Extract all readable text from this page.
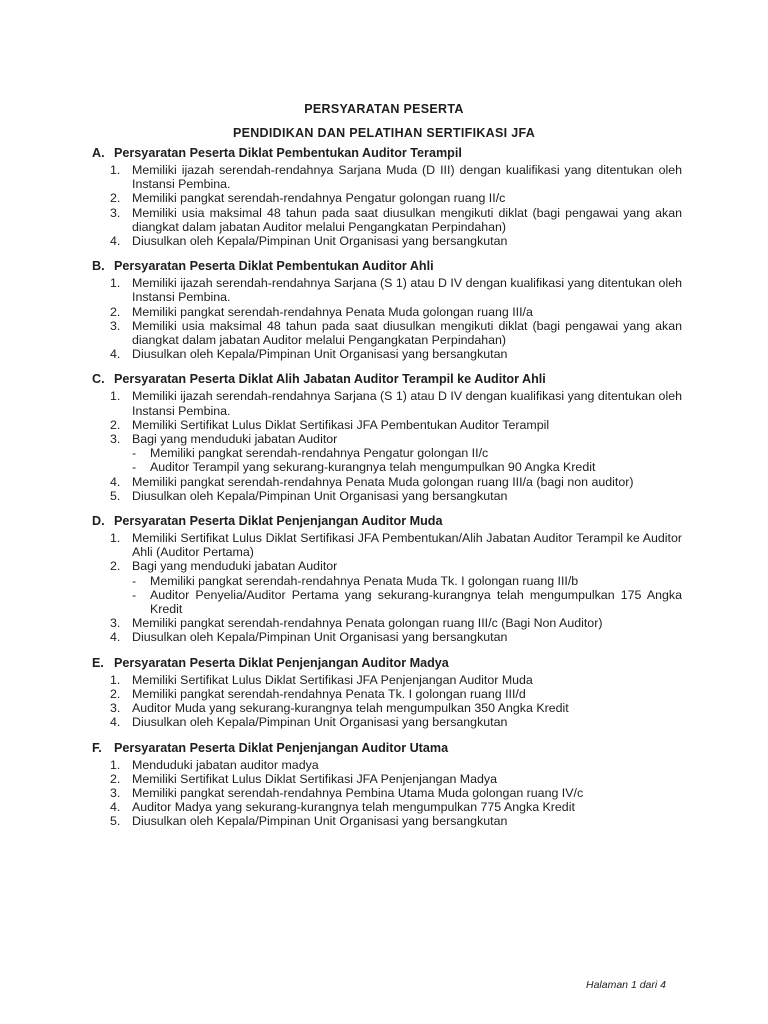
PERSYARATAN PESERTA
PENDIDIKAN DAN PELATIHAN SERTIFIKASI JFA
A. Persyaratan Peserta Diklat Pembentukan Auditor Terampil
1. Memiliki ijazah serendah-rendahnya Sarjana Muda (D III) dengan kualifikasi yang ditentukan oleh Instansi Pembina.
2. Memiliki pangkat serendah-rendahnya Pengatur golongan ruang II/c
3. Memiliki usia maksimal 48 tahun pada saat diusulkan mengikuti diklat (bagi pengawai yang akan diangkat dalam jabatan Auditor melalui Pengangkatan Perpindahan)
4. Diusulkan oleh Kepala/Pimpinan Unit Organisasi yang bersangkutan
B. Persyaratan Peserta Diklat Pembentukan Auditor Ahli
1. Memiliki ijazah serendah-rendahnya Sarjana (S 1) atau D IV dengan kualifikasi yang ditentukan oleh Instansi Pembina.
2. Memiliki pangkat serendah-rendahnya Penata Muda golongan ruang III/a
3. Memiliki usia maksimal 48 tahun pada saat diusulkan mengikuti diklat (bagi pengawai yang akan diangkat dalam jabatan Auditor melalui Pengangkatan Perpindahan)
4. Diusulkan oleh Kepala/Pimpinan Unit Organisasi yang bersangkutan
C. Persyaratan Peserta Diklat Alih Jabatan Auditor Terampil ke Auditor Ahli
1. Memiliki ijazah serendah-rendahnya Sarjana (S 1) atau D IV dengan kualifikasi yang ditentukan oleh Instansi Pembina.
2. Memiliki Sertifikat Lulus Diklat Sertifikasi JFA Pembentukan Auditor Terampil
3. Bagi yang menduduki jabatan Auditor
-	Memiliki pangkat serendah-rendahnya Pengatur golongan II/c
-	Auditor Terampil yang sekurang-kurangnya telah mengumpulkan 90 Angka Kredit
4. Memiliki pangkat serendah-rendahnya Penata Muda golongan ruang III/a (bagi non auditor)
5. Diusulkan oleh Kepala/Pimpinan Unit Organisasi yang bersangkutan
D. Persyaratan Peserta Diklat Penjenjangan Auditor Muda
1. Memiliki Sertifikat Lulus Diklat Sertifikasi JFA Pembentukan/Alih Jabatan Auditor Terampil ke Auditor Ahli (Auditor Pertama)
2. Bagi yang menduduki jabatan Auditor
-	Memiliki pangkat serendah-rendahnya Penata Muda Tk. I golongan ruang III/b
-	Auditor Penyelia/Auditor Pertama yang sekurang-kurangnya telah mengumpulkan 175 Angka Kredit
3. Memiliki pangkat serendah-rendahnya Penata golongan ruang III/c (Bagi Non Auditor)
4. Diusulkan oleh Kepala/Pimpinan Unit Organisasi yang bersangkutan
E. Persyaratan Peserta Diklat Penjenjangan Auditor Madya
1. Memiliki Sertifikat Lulus Diklat Sertifikasi JFA Penjenjangan Auditor Muda
2. Memiliki pangkat serendah-rendahnya Penata Tk. I golongan ruang III/d
3. Auditor Muda yang sekurang-kurangnya telah mengumpulkan 350 Angka Kredit
4. Diusulkan oleh Kepala/Pimpinan Unit Organisasi yang bersangkutan
F. Persyaratan Peserta Diklat Penjenjangan Auditor Utama
1. Menduduki jabatan auditor madya
2. Memiliki Sertifikat Lulus Diklat Sertifikasi JFA Penjenjangan Madya
3. Memiliki pangkat serendah-rendahnya Pembina Utama Muda golongan ruang IV/c
4. Auditor Madya yang sekurang-kurangnya telah mengumpulkan 775 Angka Kredit
5. Diusulkan oleh Kepala/Pimpinan Unit Organisasi yang bersangkutan
Halaman 1 dari 4
